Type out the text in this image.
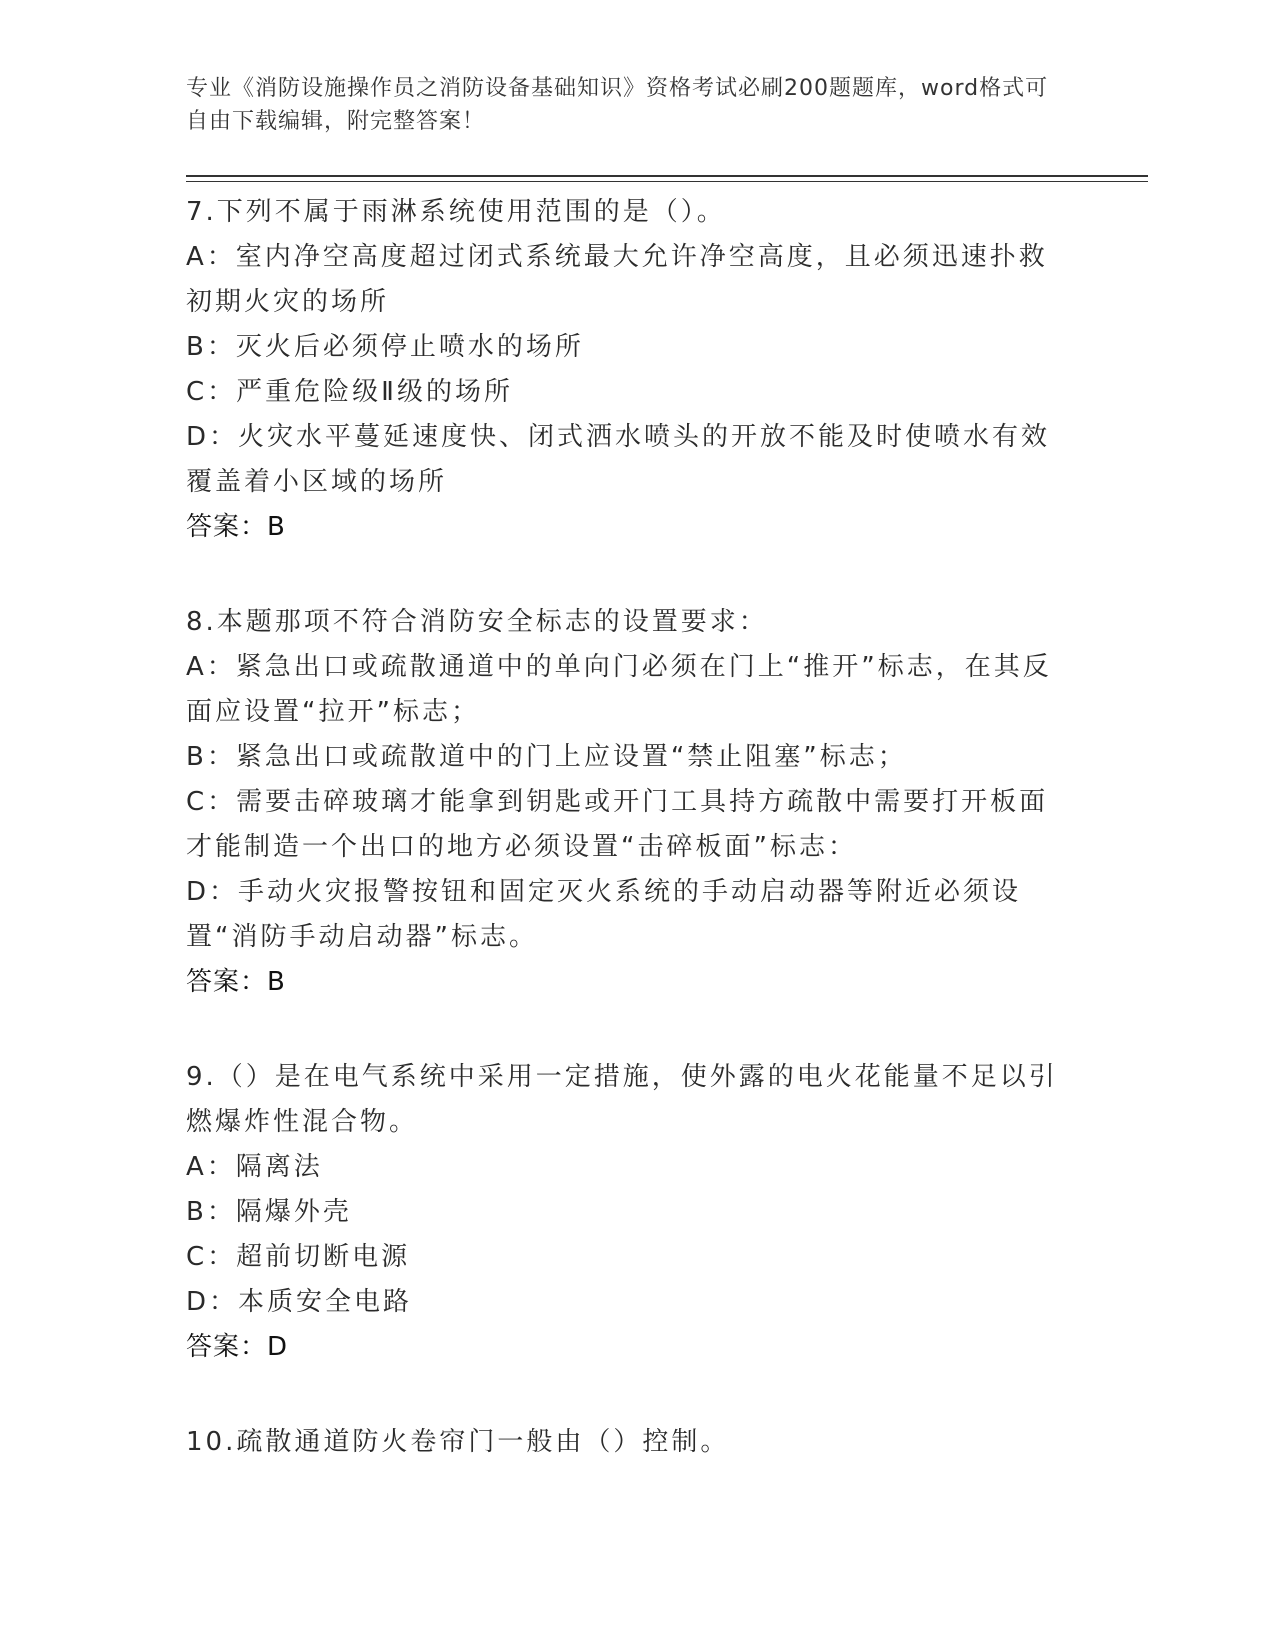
专业《消防设施操作员之消防设备基础知识》资格考试必刷200题题库，word格式可自由下载编辑，附完整答案！

7.下列不属于雨淋系统使用范围的是（）。

A：室内净空高度超过闭式系统最大允许净空高度，且必须迅速扑救初期火灾的场所

B：灭火后必须停止喷水的场所

C：严重危险级Ⅱ级的场所

D：火灾水平蔓延速度快、闭式洒水喷头的开放不能及时使喷水有效覆盖着小区域的场所

答案：B

8.本题那项不符合消防安全标志的设置要求：

A：紧急出口或疏散通道中的单向门必须在门上“推开”标志，在其反面应设置“拉开”标志；

B：紧急出口或疏散道中的门上应设置“禁止阻塞”标志；

C：需要击碎玻璃才能拿到钥匙或开门工具持方疏散中需要打开板面才能制造一个出口的地方必须设置“击碎板面”标志：

D：手动火灾报警按钮和固定灭火系统的手动启动器等附近必须设置“消防手动启动器”标志。

答案：B

9.（）是在电气系统中采用一定措施，使外露的电火花能量不足以引燃爆炸性混合物。

A：隔离法

B：隔爆外壳

C：超前切断电源

D：本质安全电路

答案：D

10.疏散通道防火卷帘门一般由（）控制。
